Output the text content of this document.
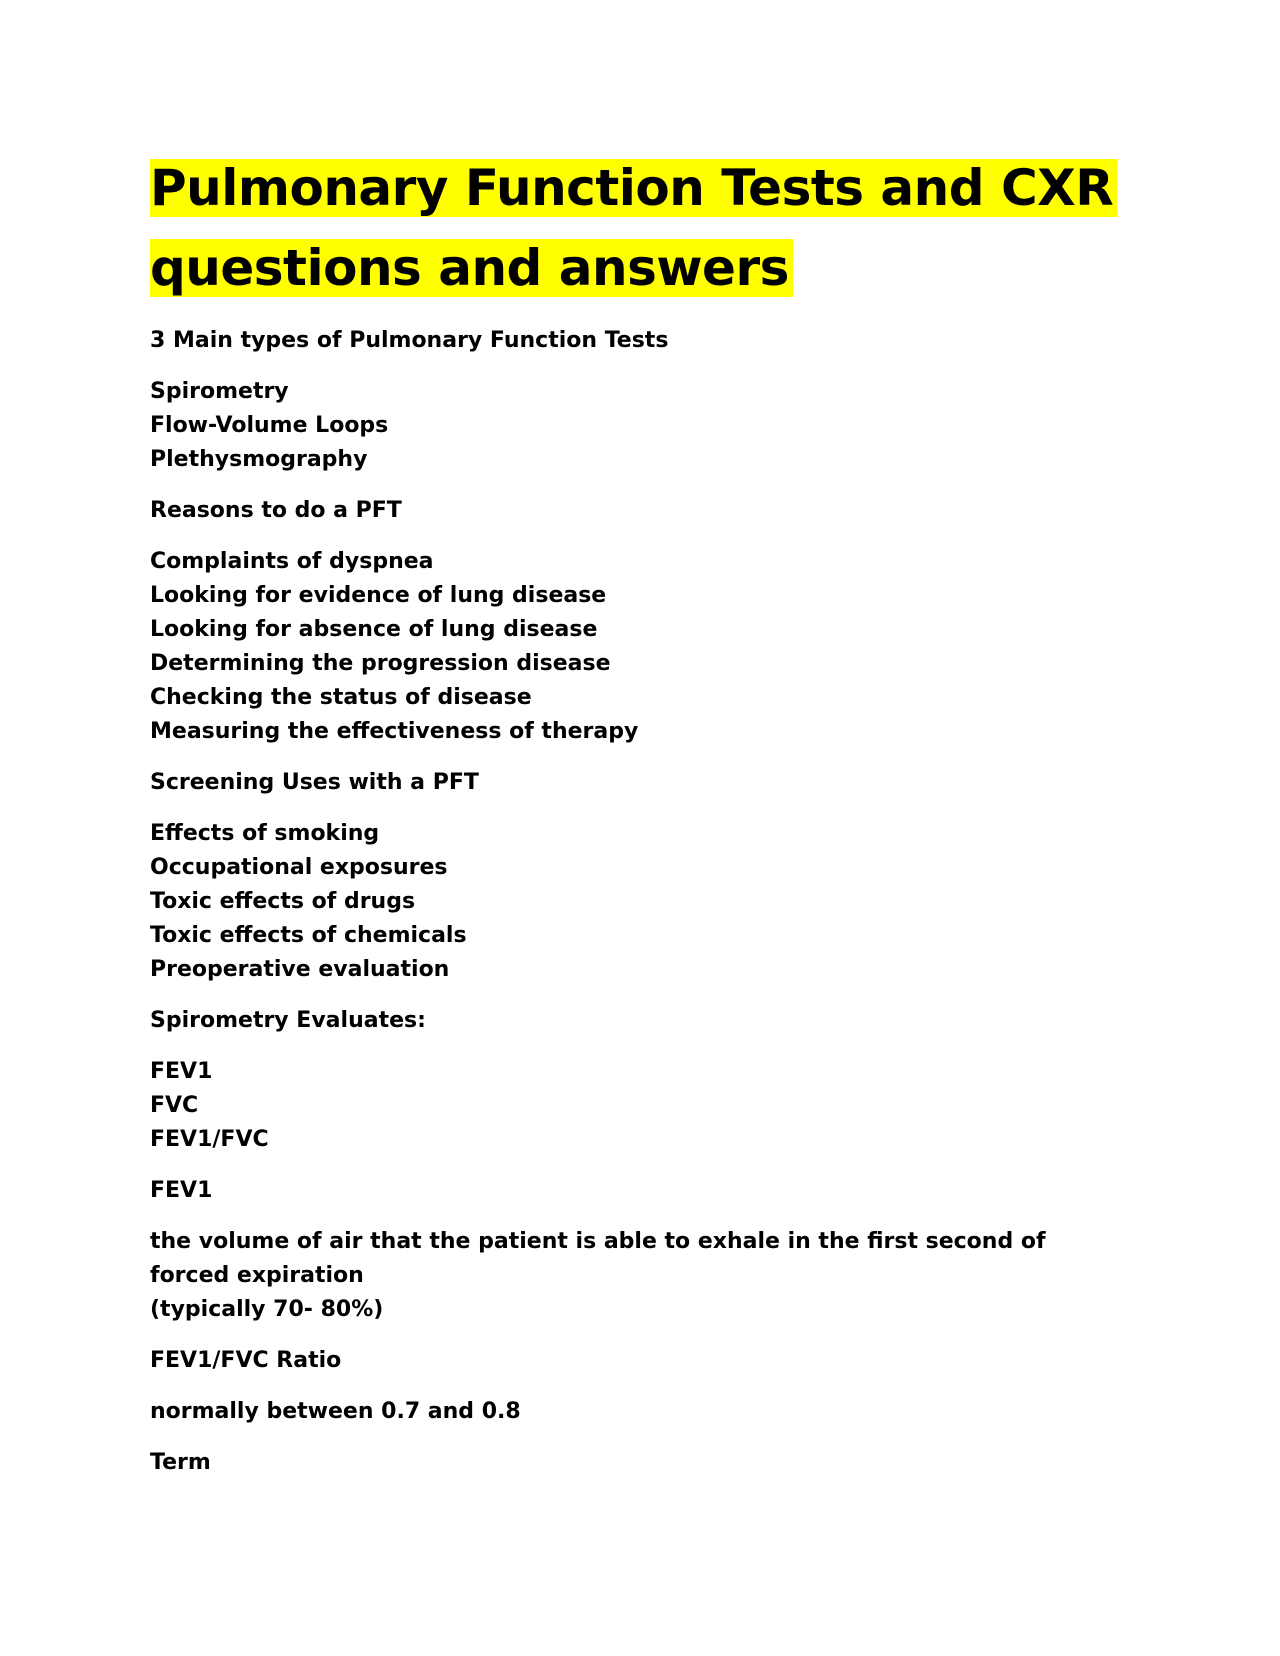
Pulmonary Function Tests and CXR
questions and answers

3 Main types of Pulmonary Function Tests

Spirometry
Flow-Volume Loops
Plethysmography

Reasons to do a PFT

Complaints of dyspnea
Looking for evidence of lung disease
Looking for absence of lung disease
Determining the progression disease
Checking the status of disease
Measuring the effectiveness of therapy

Screening Uses with a PFT

Effects of smoking
Occupational exposures
Toxic effects of drugs
Toxic effects of chemicals
Preoperative evaluation

Spirometry Evaluates:

FEV1
FVC
FEV1/FVC

FEV1

the volume of air that the patient is able to exhale in the first second of forced expiration
(typically 70- 80%)

FEV1/FVC Ratio

normally between 0.7 and 0.8

Term
